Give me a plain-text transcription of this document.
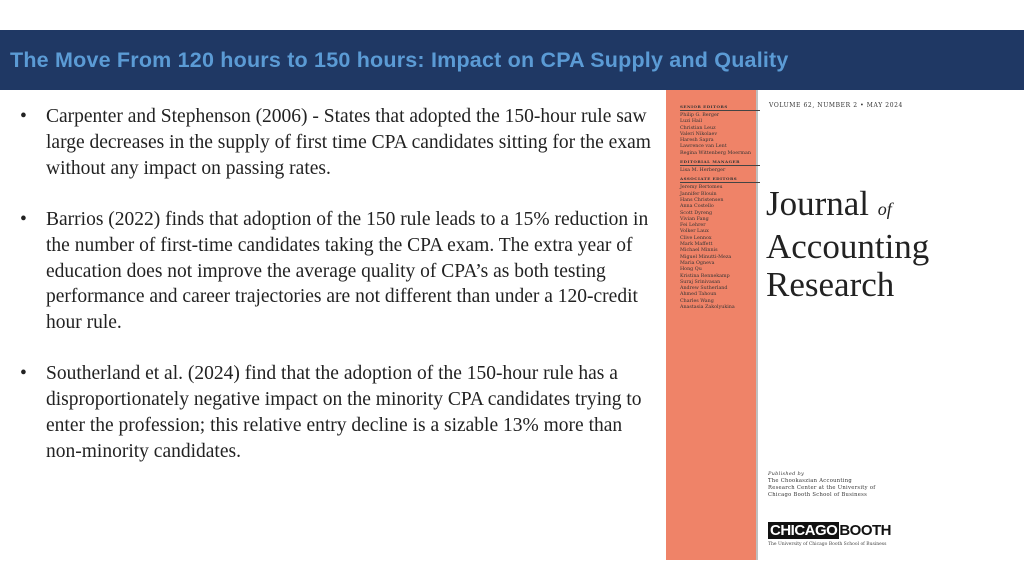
The Move From 120 hours to 150 hours: Impact on CPA Supply and Quality
• Carpenter and Stephenson (2006) - States that adopted the 150-hour rule saw large decreases in the supply of first time CPA candidates sitting for the exam without any impact on passing rates.
• Barrios (2022) finds that adoption of the 150 rule leads to a 15% reduction in the number of first-time candidates taking the CPA exam. The extra year of education does not improve the average quality of CPA’s as both testing performance and career trajectories are not different than under a 120-credit hour rule.
• Southerland et al. (2024) find that the adoption of the 150-hour rule has a disproportionately negative impact on the minority CPA candidates trying to enter the profession; this relative entry decline is a sizable 13% more than non-minority candidates.
SENIOR EDITORS
Philip G. Berger
Luzi Hail
Christian Leuz
Valeri Nikolaev
Haresh Sapra
Lawrence van Lent
Regina Wittenberg Moerman
EDITORIAL MANAGER
Lisa M. Herberger
ASSOCIATE EDITORS
Jeremy Bertomeu
Jannifer Blouin
Hans Christensen
Anna Costello
Scott Dyreng
Vivian Fang
Fei Lehrer
Volker Laux
Clive Lennox
Mark Maffett
Michael Minnis
Miguel Minutti-Meza
Maria Ogneva
Hong Qu
Kristina Rennekamp
Suraj Srinivasan
Andrew Sutherland
Ahmed Tahoun
Charles Wang
Anastasia Zakolyukina
VOLUME 62, NUMBER 2 • MAY 2024
Journal of
Accounting
Research
Published by
The Chookaszian Accounting
Research Center at the University of
Chicago Booth School of Business
CHICAGO BOOTH
The University of Chicago Booth School of Business
